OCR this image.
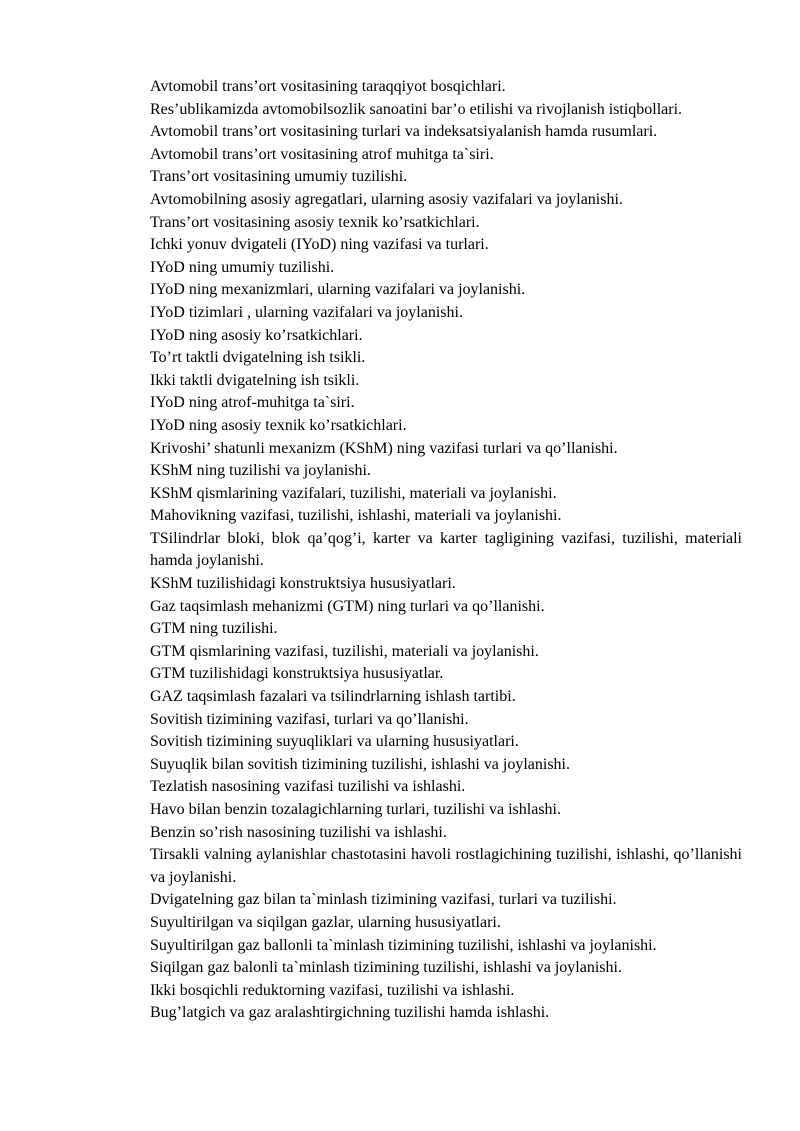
Avtomobil trans’ort vositasining taraqqiyot bosqichlari.

Res’ublikamizda avtomobilsozlik sanoatini bar’o etilishi va rivojlanish istiqbollari.

Avtomobil trans’ort vositasining turlari va indeksatsiyalanish hamda rusumlari.

Avtomobil trans’ort vositasining atrof muhitga ta`siri.

Trans’ort vositasining umumiy tuzilishi.

Avtomobilning asosiy agregatlari, ularning asosiy vazifalari va joylanishi.

Trans’ort vositasining asosiy texnik ko’rsatkichlari.

Ichki yonuv dvigateli (IYoD) ning vazifasi va turlari.

IYoD ning umumiy tuzilishi.

IYoD ning mexanizmlari, ularning vazifalari va joylanishi.

IYoD tizimlari , ularning vazifalari va joylanishi.

IYoD ning asosiy ko’rsatkichlari.

To’rt taktli dvigatelning ish tsikli.

Ikki taktli dvigatelning ish tsikli.

IYoD ning atrof-muhitga ta`siri.

IYoD ning asosiy texnik ko’rsatkichlari.

Krivoshi’ shatunli mexanizm (KShM) ning vazifasi turlari va qo’llanishi.

KShM ning tuzilishi va joylanishi.

KShM qismlarining vazifalari, tuzilishi, materiali va joylanishi.

Mahovikning vazifasi, tuzilishi, ishlashi, materiali va joylanishi.

TSilindrlar bloki, blok qa’qog’i, karter va karter tagligining vazifasi, tuzilishi, materiali hamda joylanishi.

KShM tuzilishidagi konstruktsiya hususiyatlari.

Gaz taqsimlash mehanizmi (GTM) ning turlari va qo’llanishi.

GTM ning tuzilishi.

GTM qismlarining vazifasi, tuzilishi, materiali va joylanishi.

GTM tuzilishidagi konstruktsiya hususiyatlar.

GAZ taqsimlash fazalari va tsilindrlarning ishlash tartibi.

Sovitish tizimining vazifasi, turlari va qo’llanishi.

Sovitish tizimining suyuqliklari va ularning hususiyatlari.

Suyuqlik bilan sovitish tizimining tuzilishi, ishlashi va joylanishi.

Tezlatish nasosining vazifasi tuzilishi va ishlashi.

Havo bilan benzin tozalagichlarning turlari, tuzilishi va ishlashi.

Benzin so’rish nasosining tuzilishi va ishlashi.

Tirsakli valning aylanishlar chastotasini havoli rostlagichining tuzilishi, ishlashi, qo’llanishi va joylanishi.

Dvigatelning gaz bilan ta`minlash tizimining vazifasi, turlari va tuzilishi.

Suyultirilgan va siqilgan gazlar, ularning hususiyatlari.

Suyultirilgan gaz ballonli ta`minlash tizimining tuzilishi, ishlashi va joylanishi.

Siqilgan gaz balonli ta`minlash tizimining tuzilishi, ishlashi va joylanishi.

Ikki bosqichli reduktorning vazifasi, tuzilishi va ishlashi.

Bug’latgich va gaz aralashtirgichning tuzilishi hamda ishlashi.
